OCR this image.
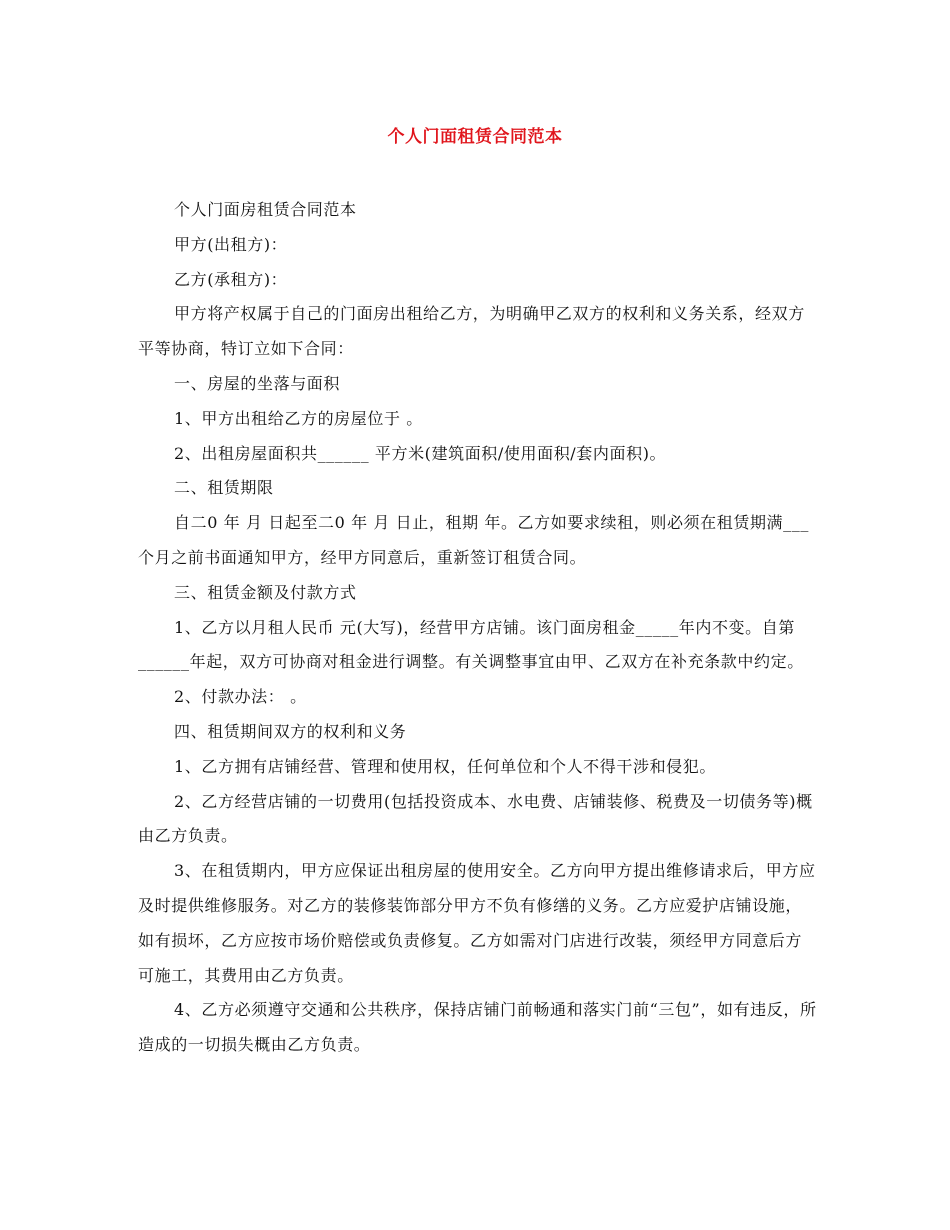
个人门面租赁合同范本

个人门面房租赁合同范本

甲方(出租方)：

乙方(承租方)：

甲方将产权属于自己的门面房出租给乙方，为明确甲乙双方的权利和义务关系，经双方平等协商，特订立如下合同：

一、房屋的坐落与面积

1、甲方出租给乙方的房屋位于 。

2、出租房屋面积共______ 平方米(建筑面积/使用面积/套内面积)。

二、租赁期限

自二0 年 月 日起至二0 年 月 日止，租期 年。乙方如要求续租，则必须在租赁期满___个月之前书面通知甲方，经甲方同意后，重新签订租赁合同。

三、租赁金额及付款方式

1、乙方以月租人民币 元(大写)，经营甲方店铺。该门面房租金_____年内不变。自第______年起，双方可协商对租金进行调整。有关调整事宜由甲、乙双方在补充条款中约定。

2、付款办法： 。

四、租赁期间双方的权利和义务

1、乙方拥有店铺经营、管理和使用权，任何单位和个人不得干涉和侵犯。

2、乙方经营店铺的一切费用(包括投资成本、水电费、店铺装修、税费及一切债务等)概由乙方负责。

3、在租赁期内，甲方应保证出租房屋的使用安全。乙方向甲方提出维修请求后，甲方应及时提供维修服务。对乙方的装修装饰部分甲方不负有修缮的义务。乙方应爱护店铺设施，如有损坏，乙方应按市场价赔偿或负责修复。乙方如需对门店进行改装，须经甲方同意后方可施工，其费用由乙方负责。

4、乙方必须遵守交通和公共秩序，保持店铺门前畅通和落实门前“三包”，如有违反，所造成的一切损失概由乙方负责。
